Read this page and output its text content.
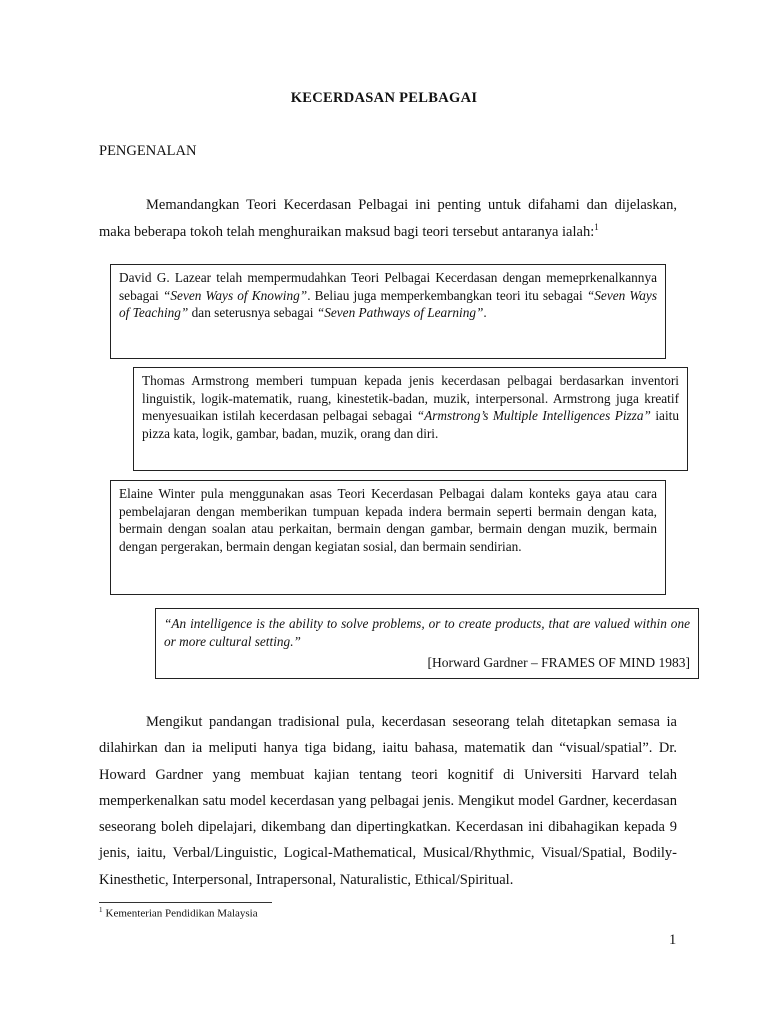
KECERDASAN PELBAGAI
PENGENALAN
Memandangkan Teori Kecerdasan Pelbagai ini penting untuk difahami dan dijelaskan, maka beberapa tokoh telah menghuraikan maksud bagi teori tersebut antaranya ialah:$^1$
David G. Lazear telah mempermudahkan Teori Pelbagai Kecerdasan dengan memeprkenalkannya sebagai “Seven Ways of Knowing”. Beliau juga memperkembangkan teori itu sebagai “Seven Ways of Teaching” dan seterusnya sebagai “Seven Pathways of Learning”.
Thomas Armstrong memberi tumpuan kepada jenis kecerdasan pelbagai berdasarkan inventori linguistik, logik-matematik, ruang, kinestetik-badan, muzik, interpersonal. Armstrong juga kreatif menyesuaikan istilah kecerdasan pelbagai sebagai “Armstrong’s Multiple Intelligences Pizza” iaitu pizza kata, logik, gambar, badan, muzik, orang dan diri.
Elaine Winter pula menggunakan asas Teori Kecerdasan Pelbagai dalam konteks gaya atau cara pembelajaran dengan memberikan tumpuan kepada indera bermain seperti bermain dengan kata, bermain dengan soalan atau perkaitan, bermain dengan gambar, bermain dengan muzik, bermain dengan pergerakan, bermain dengan kegiatan sosial, dan bermain sendirian.
“An intelligence is the ability to solve problems, or to create products, that are valued within one or more cultural setting.”
[Horward Gardner – FRAMES OF MIND 1983]
Mengikut pandangan tradisional pula, kecerdasan seseorang telah ditetapkan semasa ia dilahirkan dan ia meliputi hanya tiga bidang, iaitu bahasa, matematik dan “visual/spatial”. Dr. Howard Gardner yang membuat kajian tentang teori kognitif di Universiti Harvard telah memperkenalkan satu model kecerdasan yang pelbagai jenis. Mengikut model Gardner, kecerdasan seseorang boleh dipelajari, dikembang dan dipertingkatkan. Kecerdasan ini dibahagikan kepada 9 jenis, iaitu, Verbal/Linguistic, Logical-Mathematical, Musical/Rhythmic, Visual/Spatial, Bodily-Kinesthetic, Interpersonal, Intrapersonal, Naturalistic, Ethical/Spiritual.
$^1$ Kementerian Pendidikan Malaysia
1
